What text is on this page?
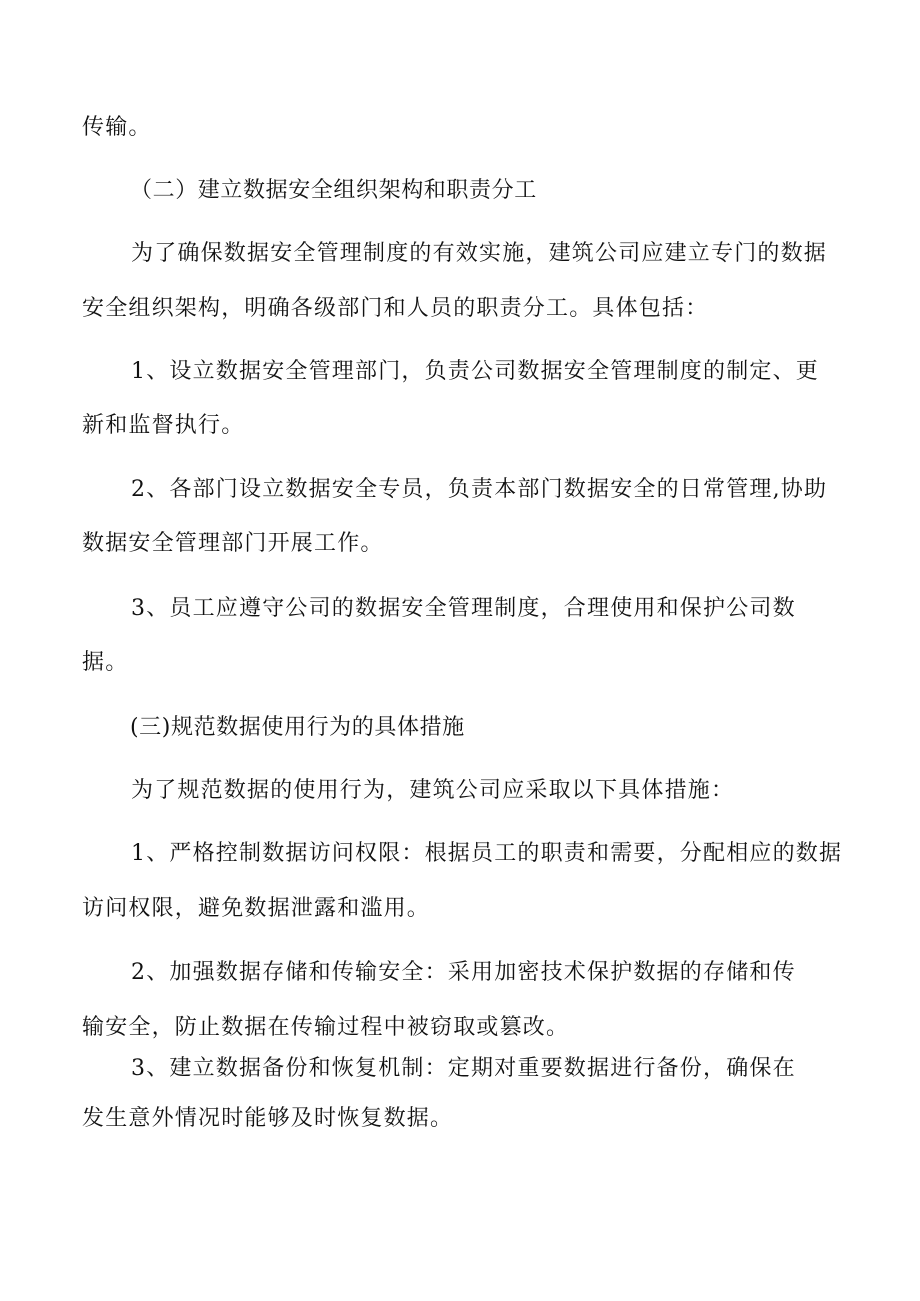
传输。
（二）建立数据安全组织架构和职责分工
为了确保数据安全管理制度的有效实施，建筑公司应建立专门的数据
安全组织架构，明确各级部门和人员的职责分工。具体包括：
1、设立数据安全管理部门，负责公司数据安全管理制度的制定、更
新和监督执行。
2、各部门设立数据安全专员，负责本部门数据安全的日常管理,协助
数据安全管理部门开展工作。
3、员工应遵守公司的数据安全管理制度，合理使用和保护公司数
据。
(三)规范数据使用行为的具体措施
为了规范数据的使用行为，建筑公司应采取以下具体措施：
1、严格控制数据访问权限：根据员工的职责和需要，分配相应的数据
访问权限，避免数据泄露和滥用。
2、加强数据存储和传输安全：采用加密技术保护数据的存储和传
输安全，防止数据在传输过程中被窃取或篡改。
3、建立数据备份和恢复机制：定期对重要数据进行备份，确保在
发生意外情况时能够及时恢复数据。
